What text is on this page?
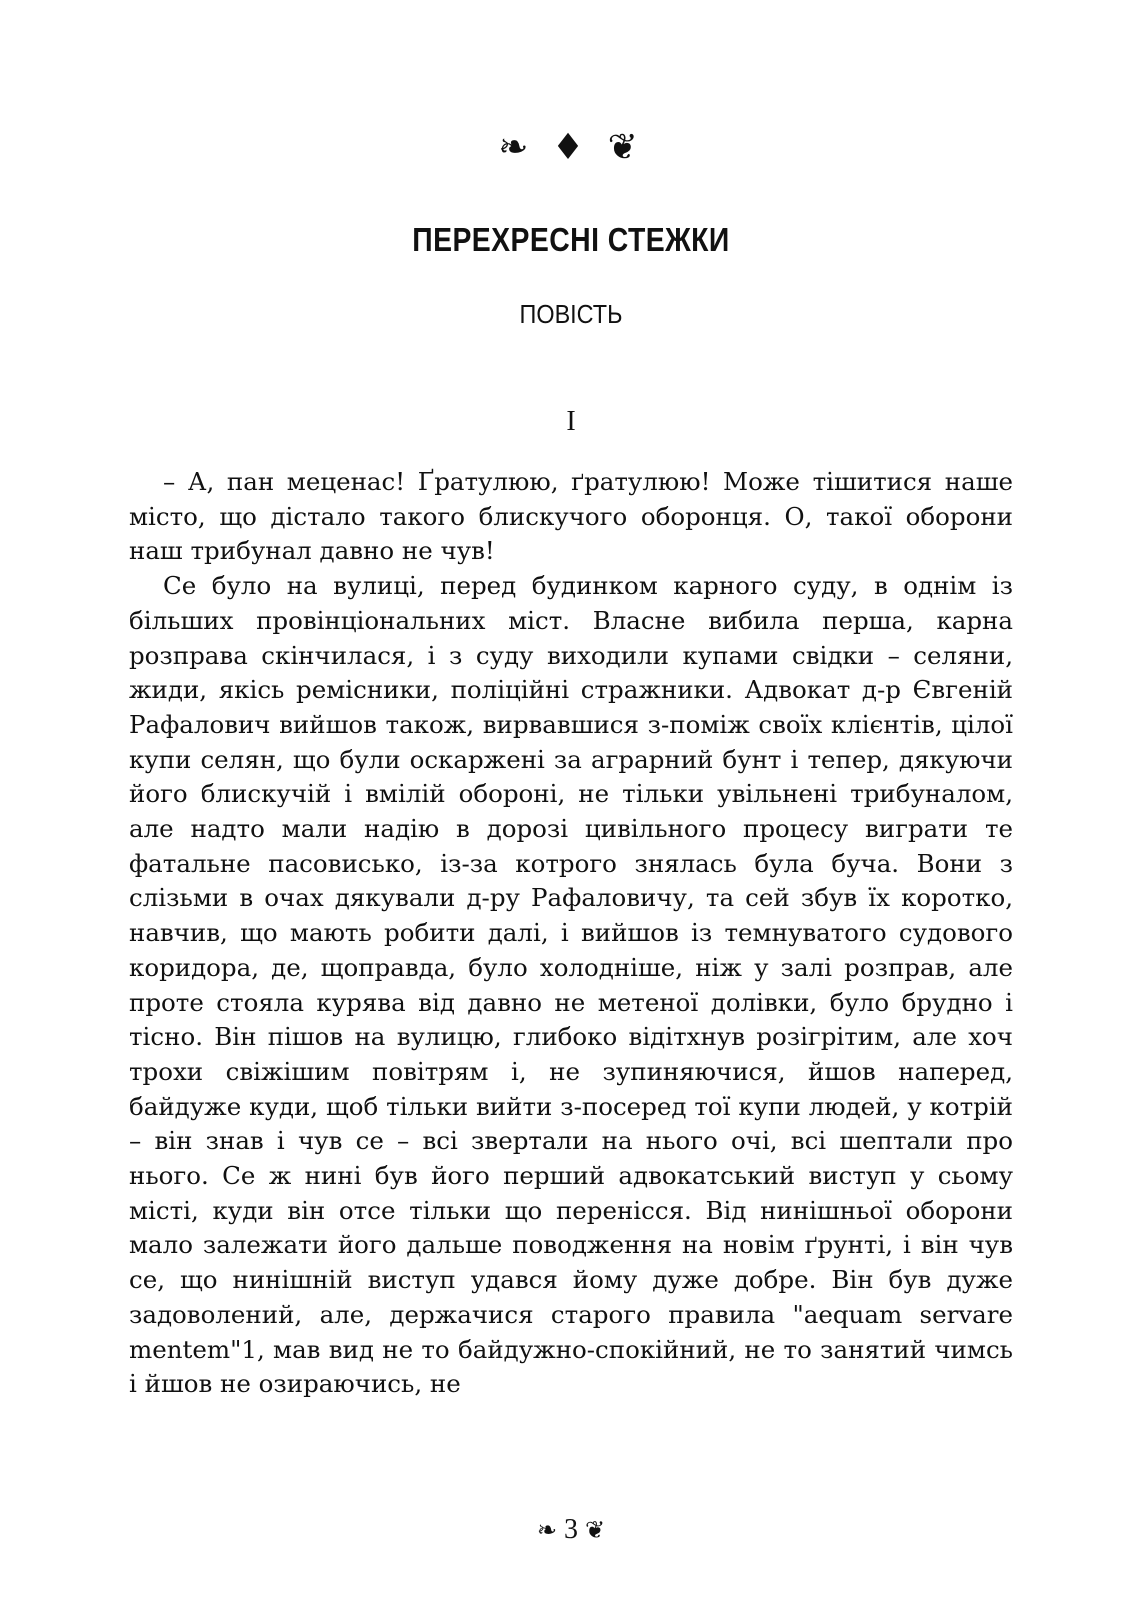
❧ ♦ ❦
ПЕРЕХРЕСНІ СТЕЖКИ
ПОВІСТЬ
I

– А, пан меценас! Ґратулюю, ґратулюю! Може тішитися наше місто, що дістало такого блискучого оборонця. О, такої оборони наш трибунал давно не чув!

Се було на вулиці, перед будинком карного суду, в однім із більших провінціональних міст. Власне вибила перша, карна розправа скінчилася, і з суду виходили купами свідки – селяни, жиди, якісь ремісники, поліційні стражники. Адвокат д-р Євгеній Рафалович вийшов також, вирвавшися з-поміж своїх клієнтів, цілої купи селян, що були оскаржені за аграрний бунт і тепер, дякуючи його блискучій і вмілій обороні, не тільки увільнені трибуналом, але надто мали надію в дорозі цивільного процесу виграти те фатальне пасовисько, із-за котрого знялась була буча. Вони з слізьми в очах дякували д-ру Рафаловичу, та сей збув їх коротко, навчив, що мають робити далі, і вийшов із темнуватого судового коридора, де, щоправда, було холодніше, ніж у залі розправ, але проте стояла курява від давно не метеної долівки, було брудно і тісно. Він пішов на вулицю, глибоко відітхнув розігрітим, але хоч трохи свіжішим повітрям і, не зупиняючися, йшов наперед, байдуже куди, щоб тільки вийти з-посеред тої купи людей, у котрій – він знав і чув се – всі звертали на нього очі, всі шептали про нього. Се ж нині був його перший адвокатський виступ у сьому місті, куди він отсе тільки що перенісся. Від нинішньої оборони мало залежати його дальше поводження на новім ґрунті, і він чув се, що нинішній виступ удався йому дуже добре. Він був дуже задоволений, але, держачися старого правила "aequam servare mentem"1, мав вид не то байдужно-спокійний, не то занятий чимсь і йшов не озираючись, не

❧ 3 ❦
